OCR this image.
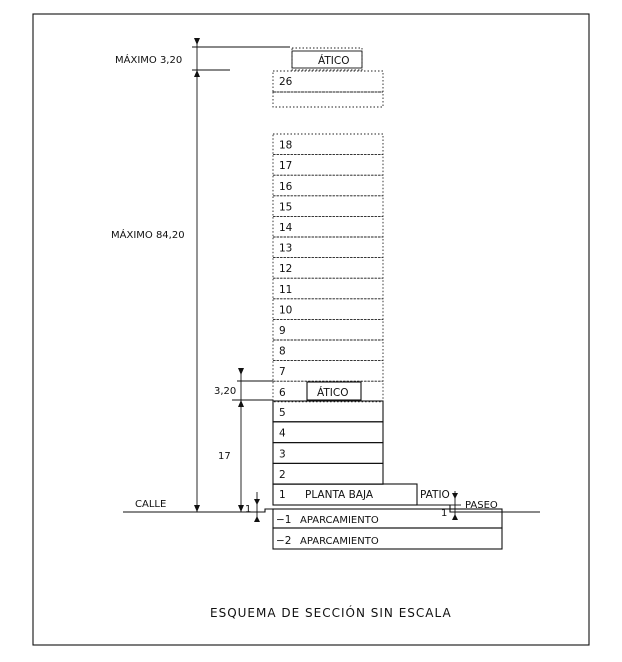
ÁTICO
26
18
17
16
15
14
13
12
11
10
9
8
7
6	ÁTICO
5
4
3
2
1 PLANTA BAJA	PATIO
−1 APARCAMIENTO
−2 APARCAMIENTO
CALLE	PASEO
MÁXIMO 3,20
MÁXIMO 84,20
3,20
17
1	1
ESQUEMA DE SECCIÓN SIN ESCALA
